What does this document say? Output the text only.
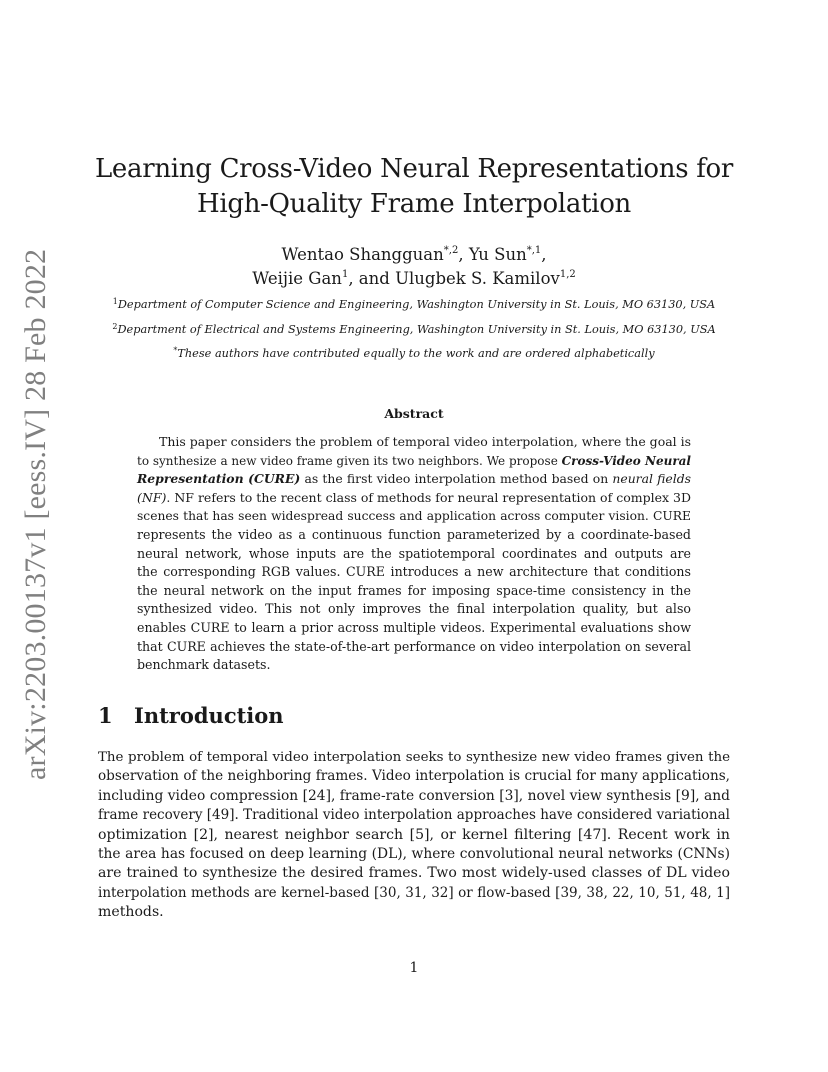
arXiv:2203.00137v1 [eess.IV] 28 Feb 2022
Learning Cross-Video Neural Representations for
High-Quality Frame Interpolation
Wentao Shangguan$^{*,2}$, Yu Sun$^{*,1}$,
Weijie Gan$^1$, and Ulugbek S. Kamilov$^{1,2}$
$^1$Department of Computer Science and Engineering, Washington University in St. Louis, MO 63130, USA
$^2$Department of Electrical and Systems Engineering, Washington University in St. Louis, MO 63130, USA
*These authors have contributed equally to the work and are ordered alphabetically
Abstract
This paper considers the problem of temporal video interpolation, where the goal is
to synthesize a new video frame given its two neighbors. We propose Cross-Video Neural
Representation (CURE) as the first video interpolation method based on neural fields
(NF). NF refers to the recent class of methods for neural representation of complex 3D
scenes that has seen widespread success and application across computer vision. CURE
represents the video as a continuous function parameterized by a coordinate-based
neural network, whose inputs are the spatiotemporal coordinates and outputs are
the corresponding RGB values. CURE introduces a new architecture that conditions
the neural network on the input frames for imposing space-time consistency in the
synthesized video. This not only improves the final interpolation quality, but also
enables CURE to learn a prior across multiple videos. Experimental evaluations show
that CURE achieves the state-of-the-art performance on video interpolation on several
benchmark datasets.
1 Introduction
The problem of temporal video interpolation seeks to synthesize new video frames given the
observation of the neighboring frames. Video interpolation is crucial for many applications,
including video compression [24], frame-rate conversion [3], novel view synthesis [9], and
frame recovery [49]. Traditional video interpolation approaches have considered variational
optimization [2], nearest neighbor search [5], or kernel filtering [47]. Recent work in
the area has focused on deep learning (DL), where convolutional neural networks (CNNs)
are trained to synthesize the desired frames. Two most widely-used classes of DL video
interpolation methods are kernel-based [30, 31, 32] or flow-based [39, 38, 22, 10, 51, 48, 1]
methods.
1
